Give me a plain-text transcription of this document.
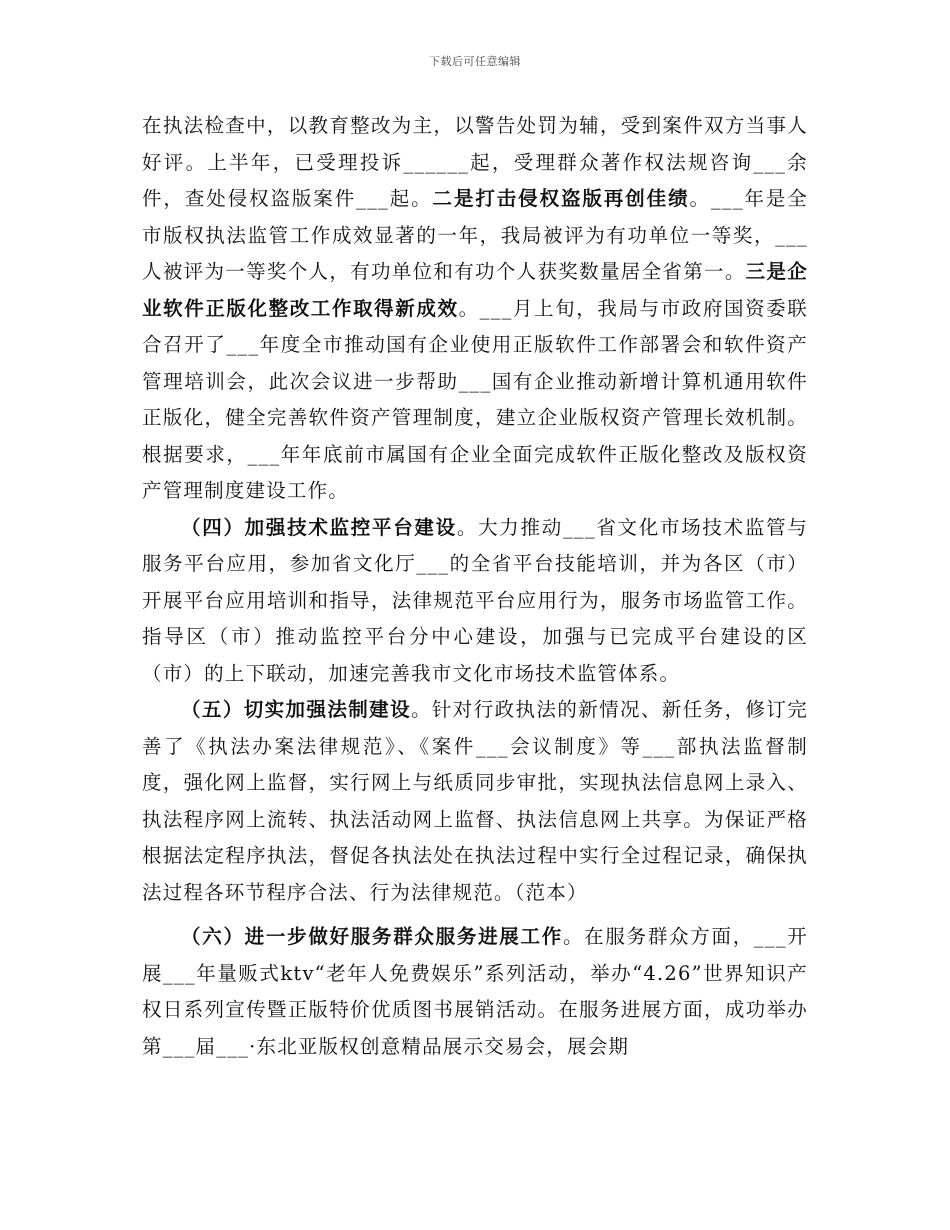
下载后可任意编辑

在执法检查中，以教育整改为主，以警告处罚为辅，受到案件双方当事人好评。上半年，已受理投诉______起，受理群众著作权法规咨询___余件，查处侵权盗版案件___起。二是打击侵权盗版再创佳绩。___年是全市版权执法监管工作成效显著的一年，我局被评为有功单位一等奖，___人被评为一等奖个人，有功单位和有功个人获奖数量居全省第一。三是企业软件正版化整改工作取得新成效。___月上旬，我局与市政府国资委联合召开了___年度全市推动国有企业使用正版软件工作部署会和软件资产管理培训会，此次会议进一步帮助___国有企业推动新增计算机通用软件正版化，健全完善软件资产管理制度，建立企业版权资产管理长效机制。根据要求，___年年底前市属国有企业全面完成软件正版化整改及版权资产管理制度建设工作。

（四）加强技术监控平台建设。大力推动___省文化市场技术监管与服务平台应用，参加省文化厅___的全省平台技能培训，并为各区（市）开展平台应用培训和指导，法律规范平台应用行为，服务市场监管工作。指导区（市）推动监控平台分中心建设，加强与已完成平台建设的区（市）的上下联动，加速完善我市文化市场技术监管体系。

（五）切实加强法制建设。针对行政执法的新情况、新任务，修订完善了《执法办案法律规范》、《案件___会议制度》等___部执法监督制度，强化网上监督，实行网上与纸质同步审批，实现执法信息网上录入、执法程序网上流转、执法活动网上监督、执法信息网上共享。为保证严格根据法定程序执法，督促各执法处在执法过程中实行全过程记录，确保执法过程各环节程序合法、行为法律规范。（范本）

（六）进一步做好服务群众服务进展工作。在服务群众方面，___开展___年量贩式ktv“老年人免费娱乐”系列活动，举办“4.26”世界知识产权日系列宣传暨正版特价优质图书展销活动。在服务进展方面，成功举办第___届___·东北亚版权创意精品展示交易会，展会期
